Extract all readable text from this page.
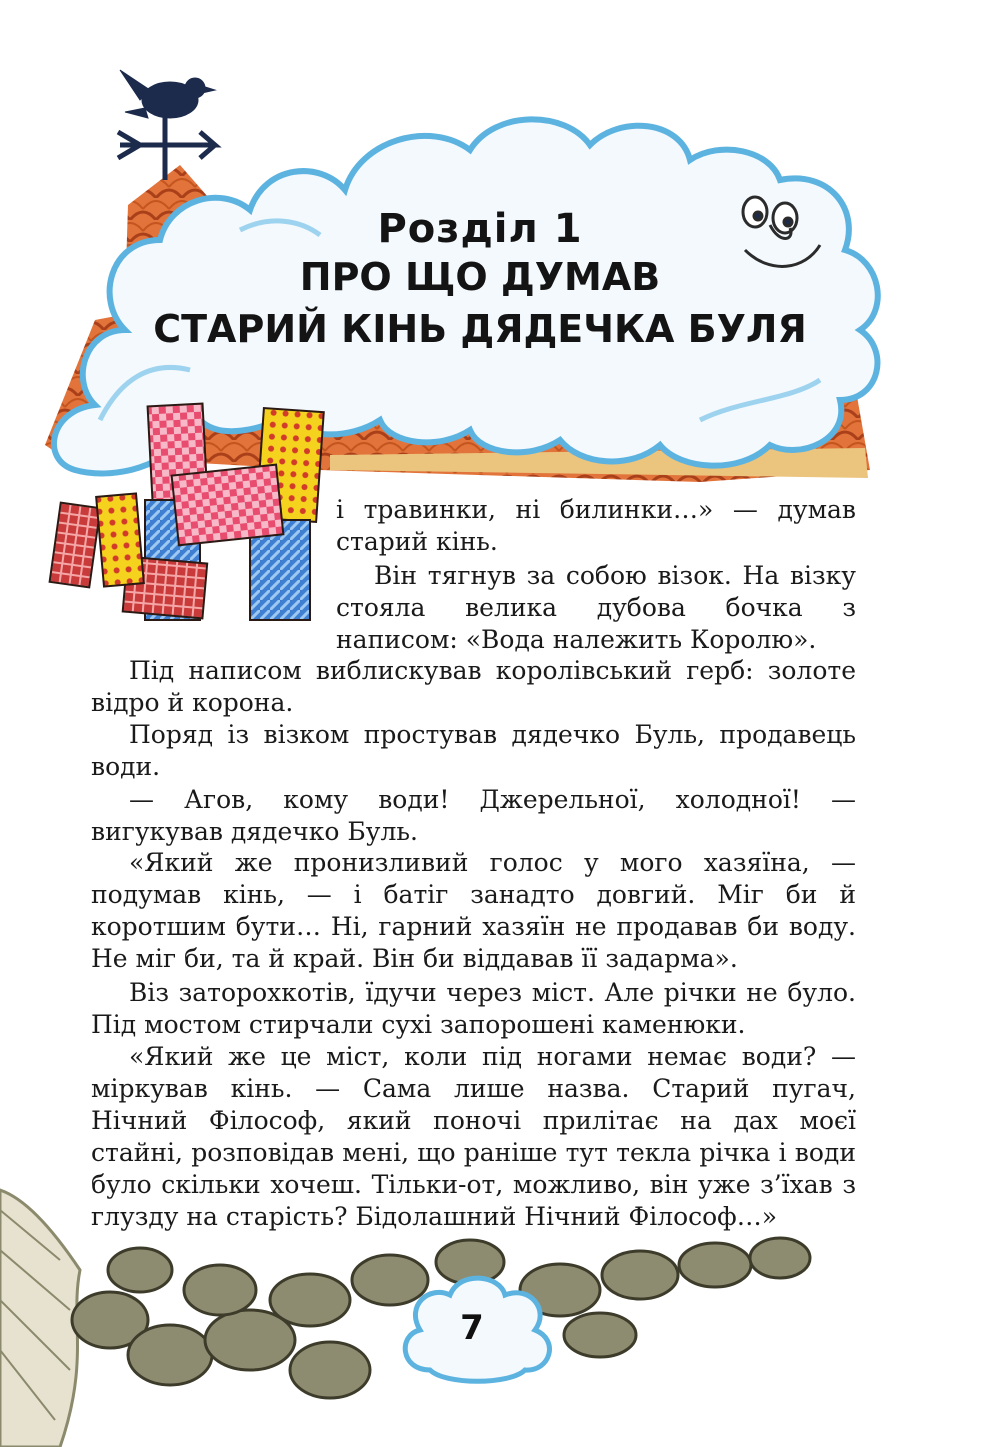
Розділ 1
ПРО ЩО ДУМАВ
СТАРИЙ КІНЬ ДЯДЕЧКА БУЛЯ

і травинки, ні билинки…» — думав старий кінь.

Він тягнув за собою візок. На візку стояла велика дубова бочка з написом: «Вода належить Королю».

Під написом виблискував королівський герб: золоте відро й корона.

Поряд із візком простував дядечко Буль, продавець води.

— Агов, кому води! Джерельної, холодної! — вигукував дядечко Буль.

«Який же пронизливий голос у мого хазяїна, — подумав кінь, — і батіг занадто довгий. Міг би й коротшим бути… Ні, гарний хазяїн не продавав би воду. Не міг би, та й край. Він би віддавав її задарма».

Віз заторохкотів, їдучи через міст. Але річки не було. Під мостом стирчали сухі запорошені каменюки.

«Який же це міст, коли під ногами немає води? — міркував кінь. — Сама лише назва. Старий пугач, Нічний Філософ, який поночі прилітає на дах моєї стайні, розповідав мені, що раніше тут текла річка і води було скільки хочеш. Тільки-от, можливо, він уже з’їхав з глузду на старість? Бідолашний Нічний Філософ…»

7
